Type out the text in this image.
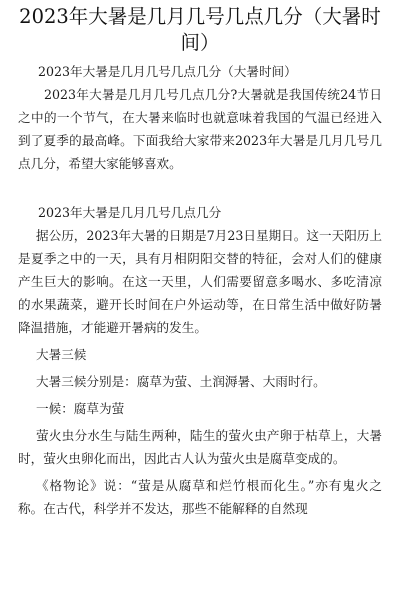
2023年大暑是几月几号几点几分（大暑时间）

2023年大暑是几月几号几点几分（大暑时间）

2023年大暑是几月几号几点几分?大暑就是我国传统24节日之中的一个节气，在大暑来临时也就意味着我国的气温已经进入到了夏季的最高峰。下面我给大家带来2023年大暑是几月几号几点几分，希望大家能够喜欢。

2023年大暑是几月几号几点几分

据公历，2023年大暑的日期是7月23日星期日。这一天阳历上是夏季之中的一天，具有月相阴阳交替的特征，会对人们的健康产生巨大的影响。在这一天里，人们需要留意多喝水、多吃清凉的水果蔬菜，避开长时间在户外运动等，在日常生活中做好防暑降温措施，才能避开暑病的发生。

大暑三候

大暑三候分别是：腐草为萤、土润溽暑、大雨时行。

一候：腐草为萤

萤火虫分水生与陆生两种，陆生的萤火虫产卵于枯草上，大暑时，萤火虫卵化而出，因此古人认为萤火虫是腐草变成的。

《格物论》说：“萤是从腐草和烂竹根而化生。”亦有鬼火之称。在古代，科学并不发达，那些不能解释的自然现
